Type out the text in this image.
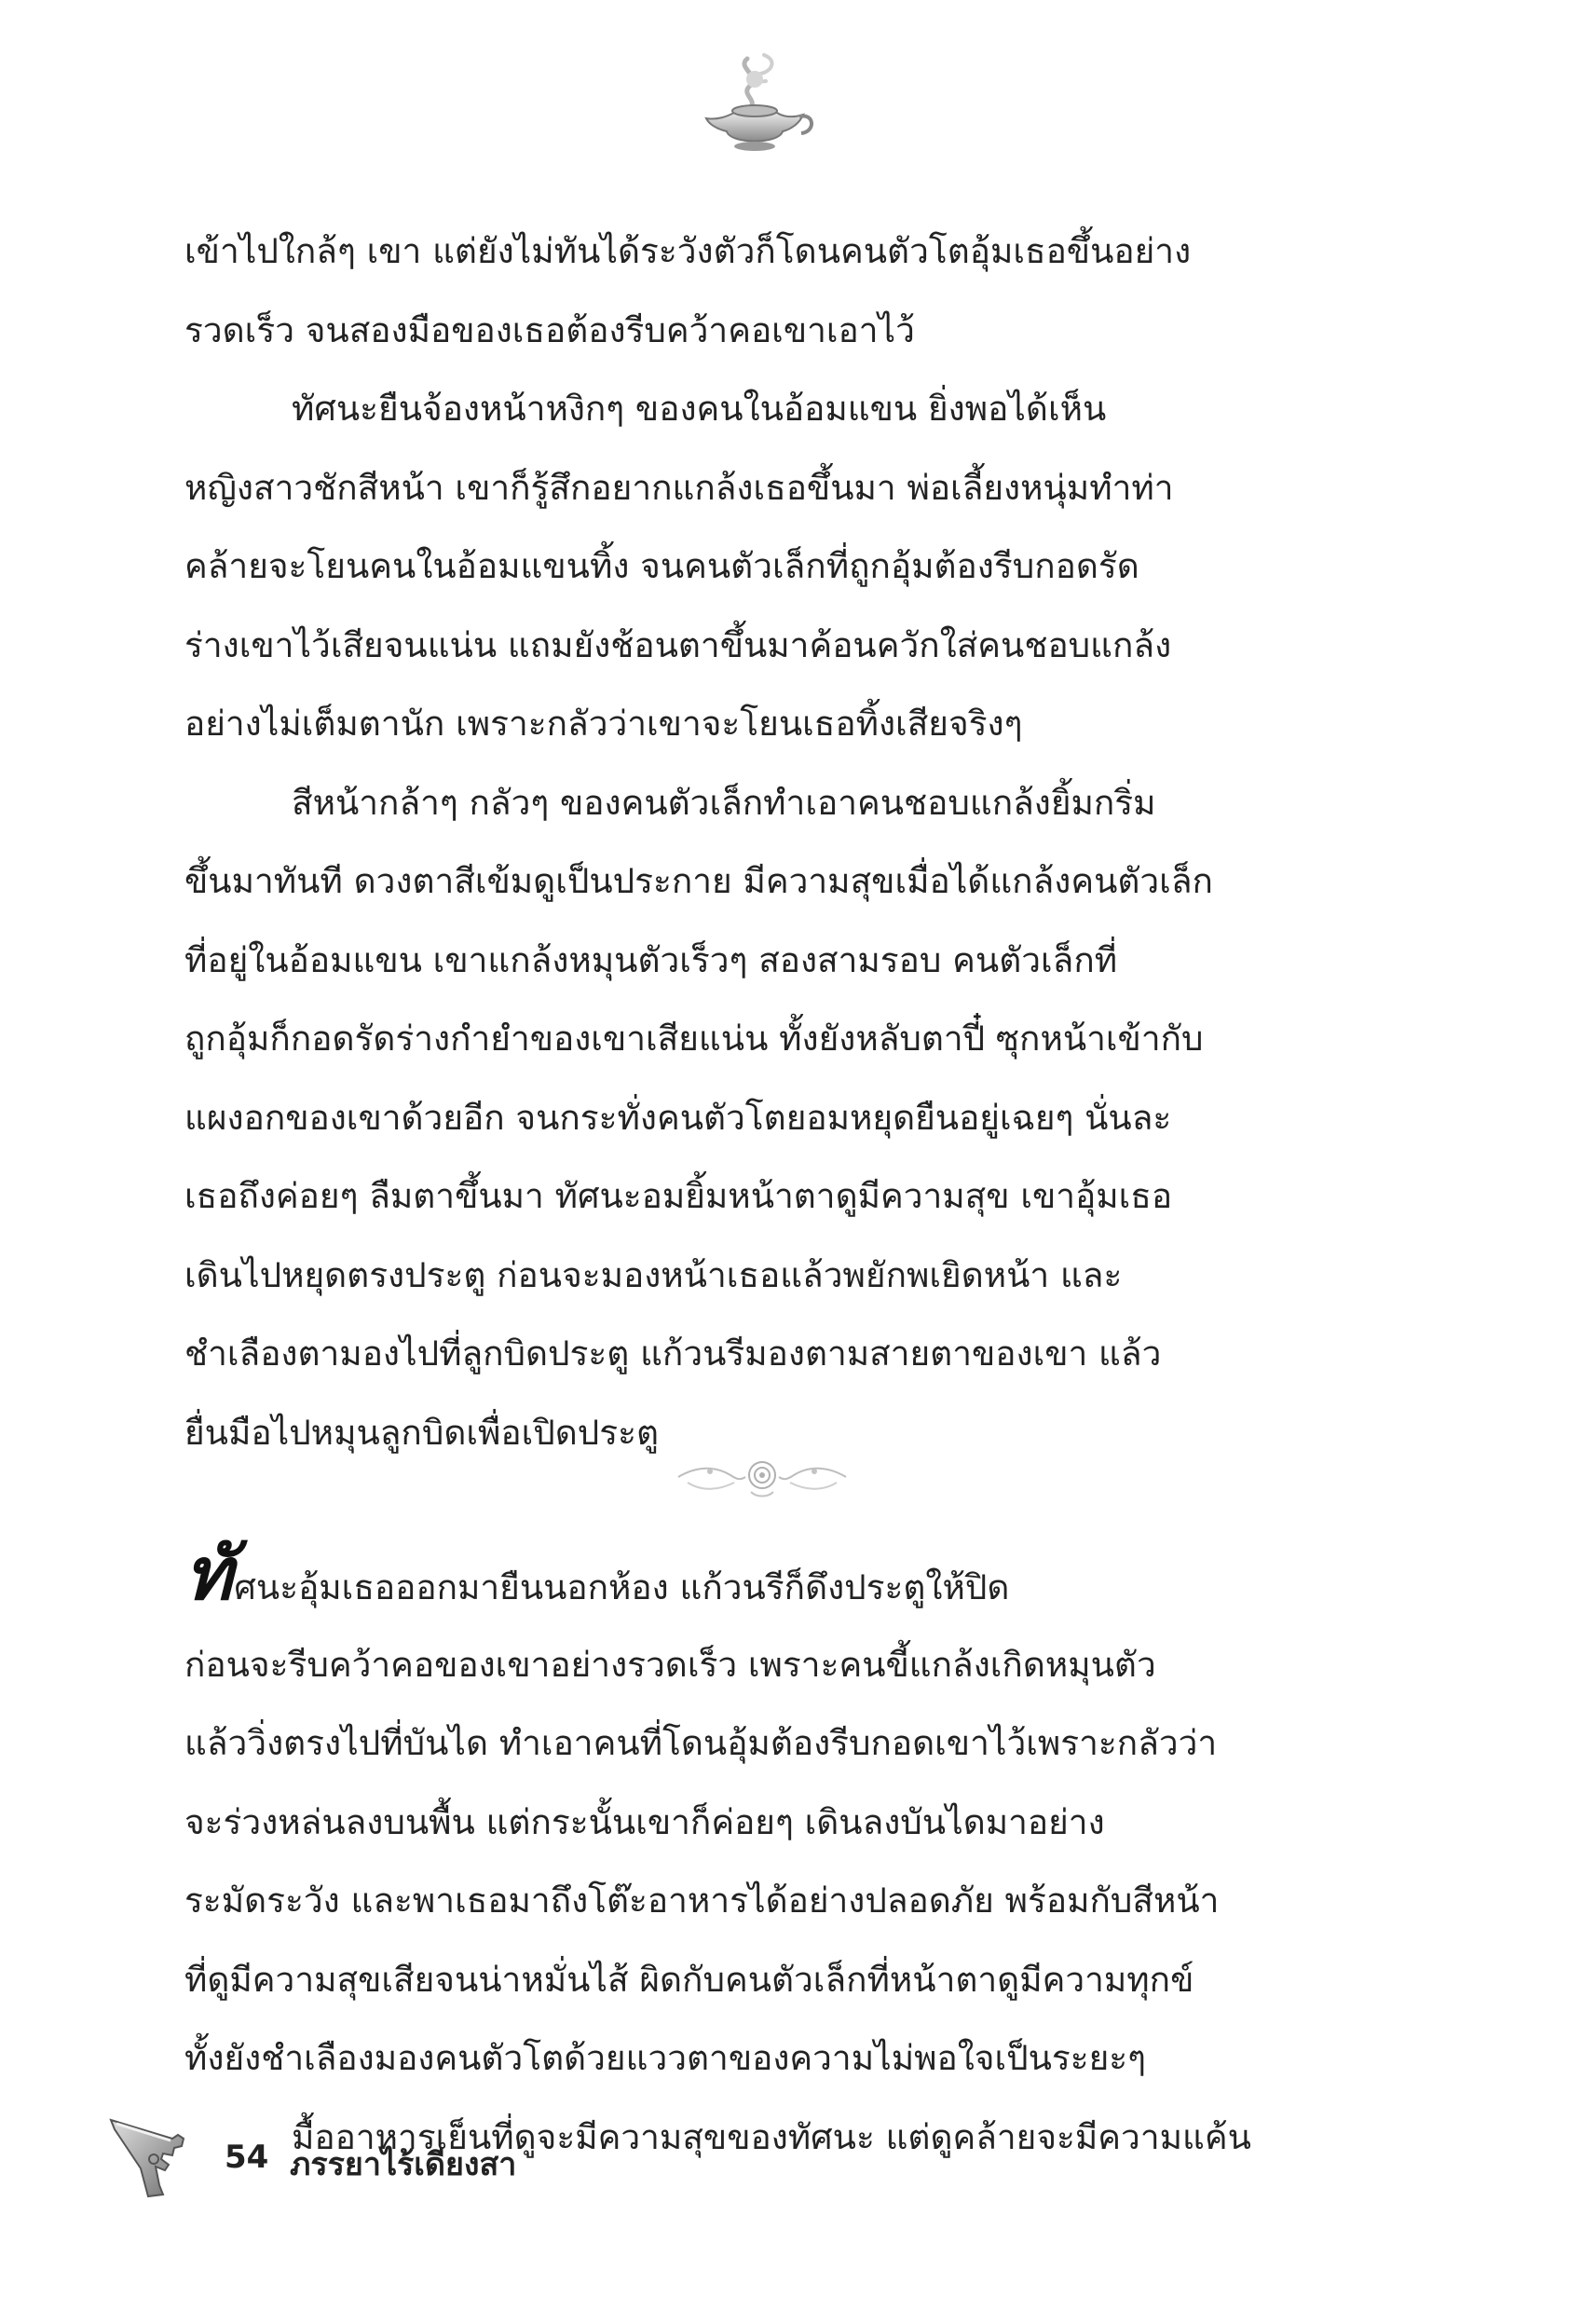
เข้าไปใกล้ๆ เขา แต่ยังไม่ทันได้ระวังตัวก็โดนคนตัวโตอุ้มเธอขึ้นอย่าง
รวดเร็ว จนสองมือของเธอต้องรีบคว้าคอเขาเอาไว้
ทัศนะยืนจ้องหน้าหงิกๆ ของคนในอ้อมแขน ยิ่งพอได้เห็น
หญิงสาวชักสีหน้า เขาก็รู้สึกอยากแกล้งเธอขึ้นมา พ่อเลี้ยงหนุ่มทำท่า
คล้ายจะโยนคนในอ้อมแขนทิ้ง จนคนตัวเล็กที่ถูกอุ้มต้องรีบกอดรัด
ร่างเขาไว้เสียจนแน่น แถมยังช้อนตาขึ้นมาค้อนควักใส่คนชอบแกล้ง
อย่างไม่เต็มตานัก เพราะกลัวว่าเขาจะโยนเธอทิ้งเสียจริงๆ
สีหน้ากล้าๆ กลัวๆ ของคนตัวเล็กทำเอาคนชอบแกล้งยิ้มกริ่ม
ขึ้นมาทันที ดวงตาสีเข้มดูเป็นประกาย มีความสุขเมื่อได้แกล้งคนตัวเล็ก
ที่อยู่ในอ้อมแขน เขาแกล้งหมุนตัวเร็วๆ สองสามรอบ คนตัวเล็กที่
ถูกอุ้มก็กอดรัดร่างกำยำของเขาเสียแน่น ทั้งยังหลับตาปี๋ ซุกหน้าเข้ากับ
แผงอกของเขาด้วยอีก จนกระทั่งคนตัวโตยอมหยุดยืนอยู่เฉยๆ นั่นละ
เธอถึงค่อยๆ ลืมตาขึ้นมา ทัศนะอมยิ้มหน้าตาดูมีความสุข เขาอุ้มเธอ
เดินไปหยุดตรงประตู ก่อนจะมองหน้าเธอแล้วพยักพเยิดหน้า และ
ชำเลืองตามองไปที่ลูกบิดประตู แก้วนรีมองตามสายตาของเขา แล้ว
ยื่นมือไปหมุนลูกบิดเพื่อเปิดประตู
ทัศนะอุ้มเธอออกมายืนนอกห้อง แก้วนรีก็ดึงประตูให้ปิด
ก่อนจะรีบคว้าคอของเขาอย่างรวดเร็ว เพราะคนขี้แกล้งเกิดหมุนตัว
แล้ววิ่งตรงไปที่บันได ทำเอาคนที่โดนอุ้มต้องรีบกอดเขาไว้เพราะกลัวว่า
จะร่วงหล่นลงบนพื้น แต่กระนั้นเขาก็ค่อยๆ เดินลงบันไดมาอย่าง
ระมัดระวัง และพาเธอมาถึงโต๊ะอาหารได้อย่างปลอดภัย พร้อมกับสีหน้า
ที่ดูมีความสุขเสียจนน่าหมั่นไส้ ผิดกับคนตัวเล็กที่หน้าตาดูมีความทุกข์
ทั้งยังชำเลืองมองคนตัวโตด้วยแววตาของความไม่พอใจเป็นระยะๆ
มื้ออาหารเย็นที่ดูจะมีความสุขของทัศนะ แต่ดูคล้ายจะมีความแค้น
54 ภรรยาไร้เดียงสา
